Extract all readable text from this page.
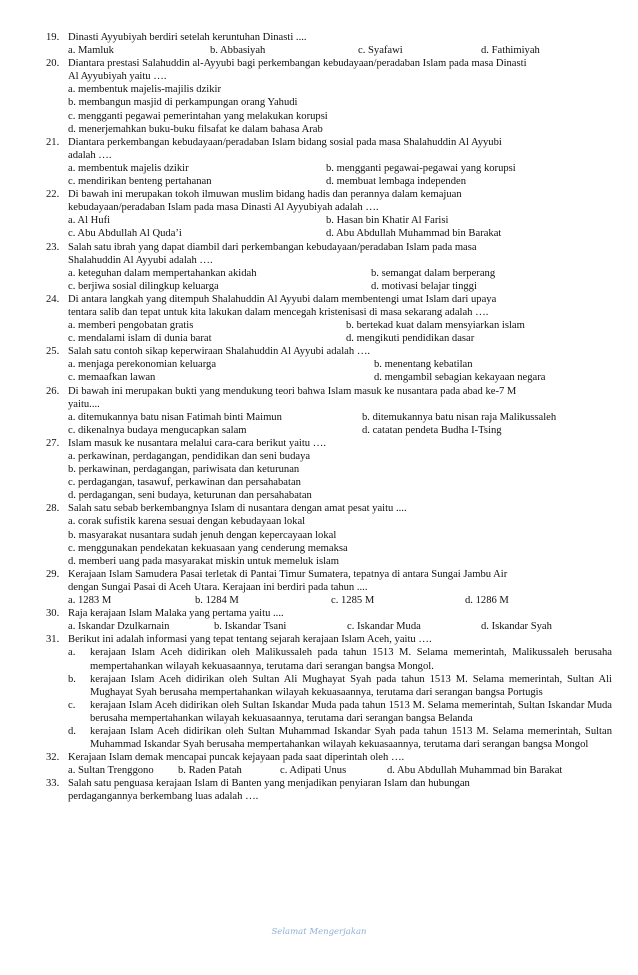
19. Dinasti Ayyubiyah berdiri setelah keruntuhan Dinasti ....
a. Mamluk	b. Abbasiyah	c. Syafawi	d. Fathimiyah
20. Diantara prestasi Salahuddin al-Ayyubi bagi perkembangan kebudayaan/peradaban Islam pada masa Dinasti
Al Ayyubiyah yaitu ….
a. membentuk majelis-majilis dzikir
b. membangun masjid di perkampungan orang Yahudi
c. mengganti pegawai pemerintahan yang melakukan korupsi
d. menerjemahkan buku-buku filsafat ke dalam bahasa Arab
21. Diantara perkembangan kebudayaan/peradaban Islam bidang sosial pada masa Shalahuddin Al Ayyubi
adalah ….
a. membentuk majelis dzikir	b. mengganti pegawai-pegawai yang korupsi
c. mendirikan benteng pertahanan	d. membuat lembaga independen
22. Di bawah ini merupakan tokoh ilmuwan muslim bidang hadis dan perannya dalam kemajuan
kebudayaan/peradaban Islam pada masa Dinasti Al Ayyubiyah adalah ….
a. Al Hufi	b. Hasan bin Khatir Al Farisi
c. Abu Abdullah Al Quda’i	d. Abu Abdullah Muhammad bin Barakat
23. Salah satu ibrah yang dapat diambil dari perkembangan kebudayaan/peradaban Islam pada masa
Shalahuddin Al Ayyubi adalah ….
a. keteguhan dalam mempertahankan akidah	b. semangat dalam berperang
c. berjiwa sosial dilingkup keluarga	d. motivasi belajar tinggi
24. Di antara langkah yang ditempuh Shalahuddin Al Ayyubi dalam membentengi umat Islam dari upaya
tentara salib dan tepat untuk kita lakukan dalam mencegah kristenisasi di masa sekarang adalah ….
a. memberi pengobatan gratis	b. bertekad kuat dalam mensyiarkan islam
c. mendalami islam di dunia barat	d. mengikuti pendidikan dasar
25. Salah satu contoh sikap keperwiraan Shalahuddin Al Ayyubi adalah ….
a. menjaga perekonomian keluarga	b. menentang kebatilan
c. memaafkan lawan	d. mengambil sebagian kekayaan negara
26. Di bawah ini merupakan bukti yang mendukung teori bahwa Islam masuk ke nusantara pada abad ke-7 M
yaitu....
a. ditemukannya batu nisan Fatimah binti Maimun	b. ditemukannya batu nisan raja Malikussaleh
c. dikenalnya budaya mengucapkan salam	d. catatan pendeta Budha I-Tsing
27. Islam masuk ke nusantara melalui cara-cara berikut yaitu ….
a. perkawinan, perdagangan, pendidikan dan seni budaya
b. perkawinan, perdagangan, pariwisata dan keturunan
c. perdagangan, tasawuf, perkawinan dan persahabatan
d. perdagangan, seni budaya, keturunan dan persahabatan
28. Salah satu sebab berkembangnya Islam di nusantara dengan amat pesat yaitu ....
a. corak sufistik karena sesuai dengan kebudayaan lokal
b. masyarakat nusantara sudah jenuh dengan kepercayaan lokal
c. menggunakan pendekatan kekuasaan yang cenderung memaksa
d. memberi uang pada masyarakat miskin untuk memeluk islam
29. Kerajaan Islam Samudera Pasai terletak di Pantai Timur Sumatera, tepatnya di antara Sungai Jambu Air
dengan Sungai Pasai di Aceh Utara. Kerajaan ini berdiri pada tahun ....
a. 1283 M	b. 1284 M	c. 1285 M	d. 1286 M
30. Raja kerajaan Islam Malaka yang pertama yaitu ....
a. Iskandar Dzulkarnain	b. Iskandar Tsani	c. Iskandar Muda	d. Iskandar Syah
31. Berikut ini adalah informasi yang tepat tentang sejarah kerajaan Islam Aceh, yaitu ….
a. kerajaan Islam Aceh didirikan oleh Malikussaleh pada tahun 1513 M. Selama memerintah, Malikussaleh berusaha mempertahankan wilayah kekuasaannya, terutama dari serangan bangsa Mongol.
b. kerajaan Islam Aceh didirikan oleh Sultan Ali Mughayat Syah pada tahun 1513 M. Selama memerintah, Sultan Ali Mughayat Syah berusaha mempertahankan wilayah kekuasaannya, terutama dari serangan bangsa Portugis
c. kerajaan Islam Aceh didirikan oleh Sultan Iskandar Muda pada tahun 1513 M. Selama memerintah, Sultan Iskandar Muda berusaha mempertahankan wilayah kekuasaannya, terutama dari serangan bangsa Belanda
d. kerajaan Islam Aceh didirikan oleh Sultan Muhammad Iskandar Syah pada tahun 1513 M. Selama memerintah, Sultan Muhammad Iskandar Syah berusaha mempertahankan wilayah kekuasaannya, terutama dari serangan bangsa Mongol
32. Kerajaan Islam demak mencapai puncak kejayaan pada saat diperintah oleh ….
a. Sultan Trenggono b. Raden Patah	c. Adipati Unus	d. Abu Abdullah Muhammad bin Barakat
33. Salah satu penguasa kerajaan Islam di Banten yang menjadikan penyiaran Islam dan hubungan
perdagangannya berkembang luas adalah ….
Selamat Mengerjakan
